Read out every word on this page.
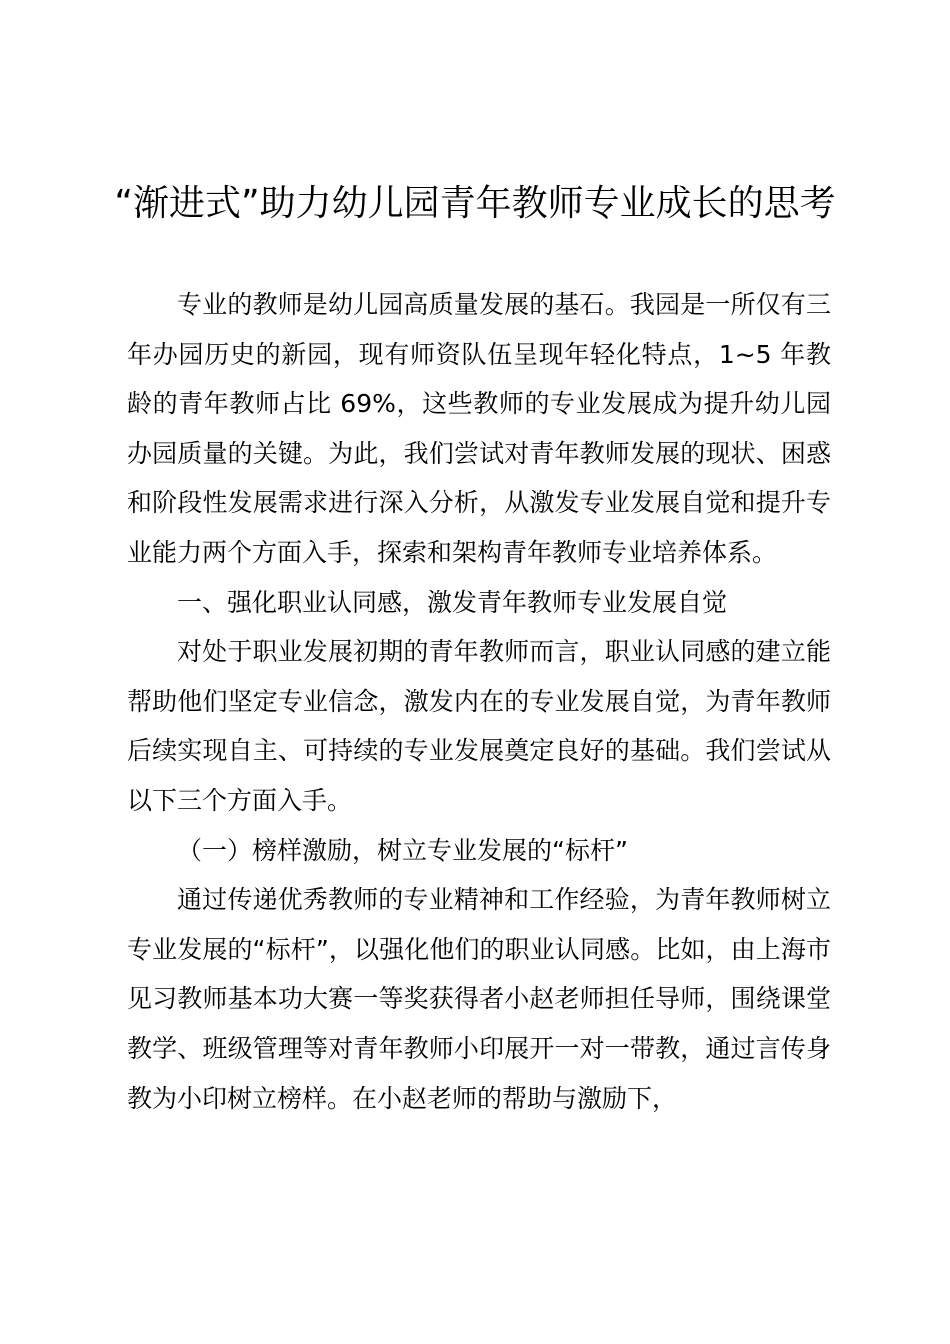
“渐进式”助力幼儿园青年教师专业成长的思考

专业的教师是幼儿园高质量发展的基石。我园是一所仅有三年办园历史的新园，现有师资队伍呈现年轻化特点，1~5 年教龄的青年教师占比 69%，这些教师的专业发展成为提升幼儿园办园质量的关键。为此，我们尝试对青年教师发展的现状、困惑和阶段性发展需求进行深入分析，从激发专业发展自觉和提升专业能力两个方面入手，探索和架构青年教师专业培养体系。

一、强化职业认同感，激发青年教师专业发展自觉

对处于职业发展初期的青年教师而言，职业认同感的建立能帮助他们坚定专业信念，激发内在的专业发展自觉，为青年教师后续实现自主、可持续的专业发展奠定良好的基础。我们尝试从以下三个方面入手。

（一）榜样激励，树立专业发展的“标杆”

通过传递优秀教师的专业精神和工作经验，为青年教师树立专业发展的“标杆”，以强化他们的职业认同感。比如，由上海市见习教师基本功大赛一等奖获得者小赵老师担任导师，围绕课堂教学、班级管理等对青年教师小印展开一对一带教，通过言传身教为小印树立榜样。在小赵老师的帮助与激励下，
